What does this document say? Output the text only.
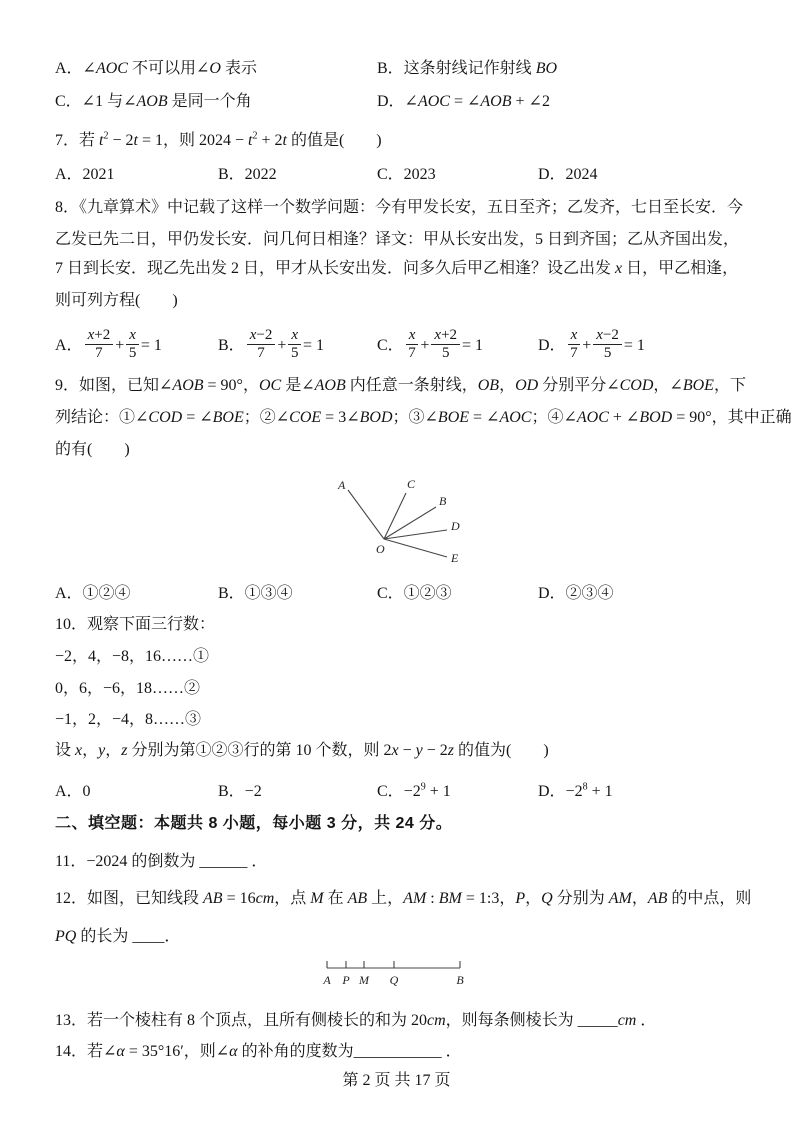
A．∠AOC 不可以用∠O 表示	B．这条射线记作射线 BO
C．∠1 与∠AOB 是同一个角	D．∠AOC = ∠AOB + ∠2
7．若 $t^2 - 2t = 1$，则 $2024 - t^2 + 2t$ 的值是(　　)
A．2021	B．2022	C．2023	D．2024
8．《九章算术》中记载了这样一个数学问题：今有甲发长安，五日至齐；乙发齐，七日至长安．今
乙发已先二日，甲仍发长安．问几何日相逢？译文：甲从长安出发，5 日到齐国；乙从齐国出发，
7 日到长安．现乙先出发 2 日，甲才从长安出发．问多久后甲乙相逢？设乙出发 x 日，甲乙相逢，
则可列方程(　　)
A． $\frac{x+2}{7} + \frac{x}{5} = 1$	B． $\frac{x-2}{7} + \frac{x}{5} = 1$	C． $\frac{x}{7} + \frac{x+2}{5} = 1$	D． $\frac{x}{7} + \frac{x-2}{5} = 1$
9．如图，已知∠AOB = 90°，OC 是∠AOB 内任意一条射线，OB，OD 分别平分∠COD，∠BOE，下
列结论：①∠COD = ∠BOE；②∠COE = 3∠BOD；③∠BOE = ∠AOC；④∠AOC + ∠BOD = 90°，其中正确
的有(　　)
A	C
B
D
E
O
A．①②④	B．①③④	C．①②③	D．②③④
10．观察下面三行数：
−2，4，−8，16……①
0，6，−6，18……②
−1，2，−4，8……③
设 x，y，z 分别为第①②③行的第 10 个数，则 2x − y − 2z 的值为(　　)
A．0	B．−2	C．$-2^9 + 1$	D．$-2^8 + 1$
二、填空题：本题共 8 小题，每小题 3 分，共 24 分。
11．−2024 的倒数为 ______ ．
12．如图，已知线段 AB = 16cm，点 M 在 AB 上，AM : BM = 1:3，P，Q 分别为 AM，AB 的中点，则
PQ 的长为 ____．
A P M Q	B
13．若一个棱柱有 8 个顶点，且所有侧棱长的和为 20cm，则每条侧棱长为 _____cm ．
14．若∠α = 35°16′，则∠α 的补角的度数为___________ ．
第 2 页 共 17 页
